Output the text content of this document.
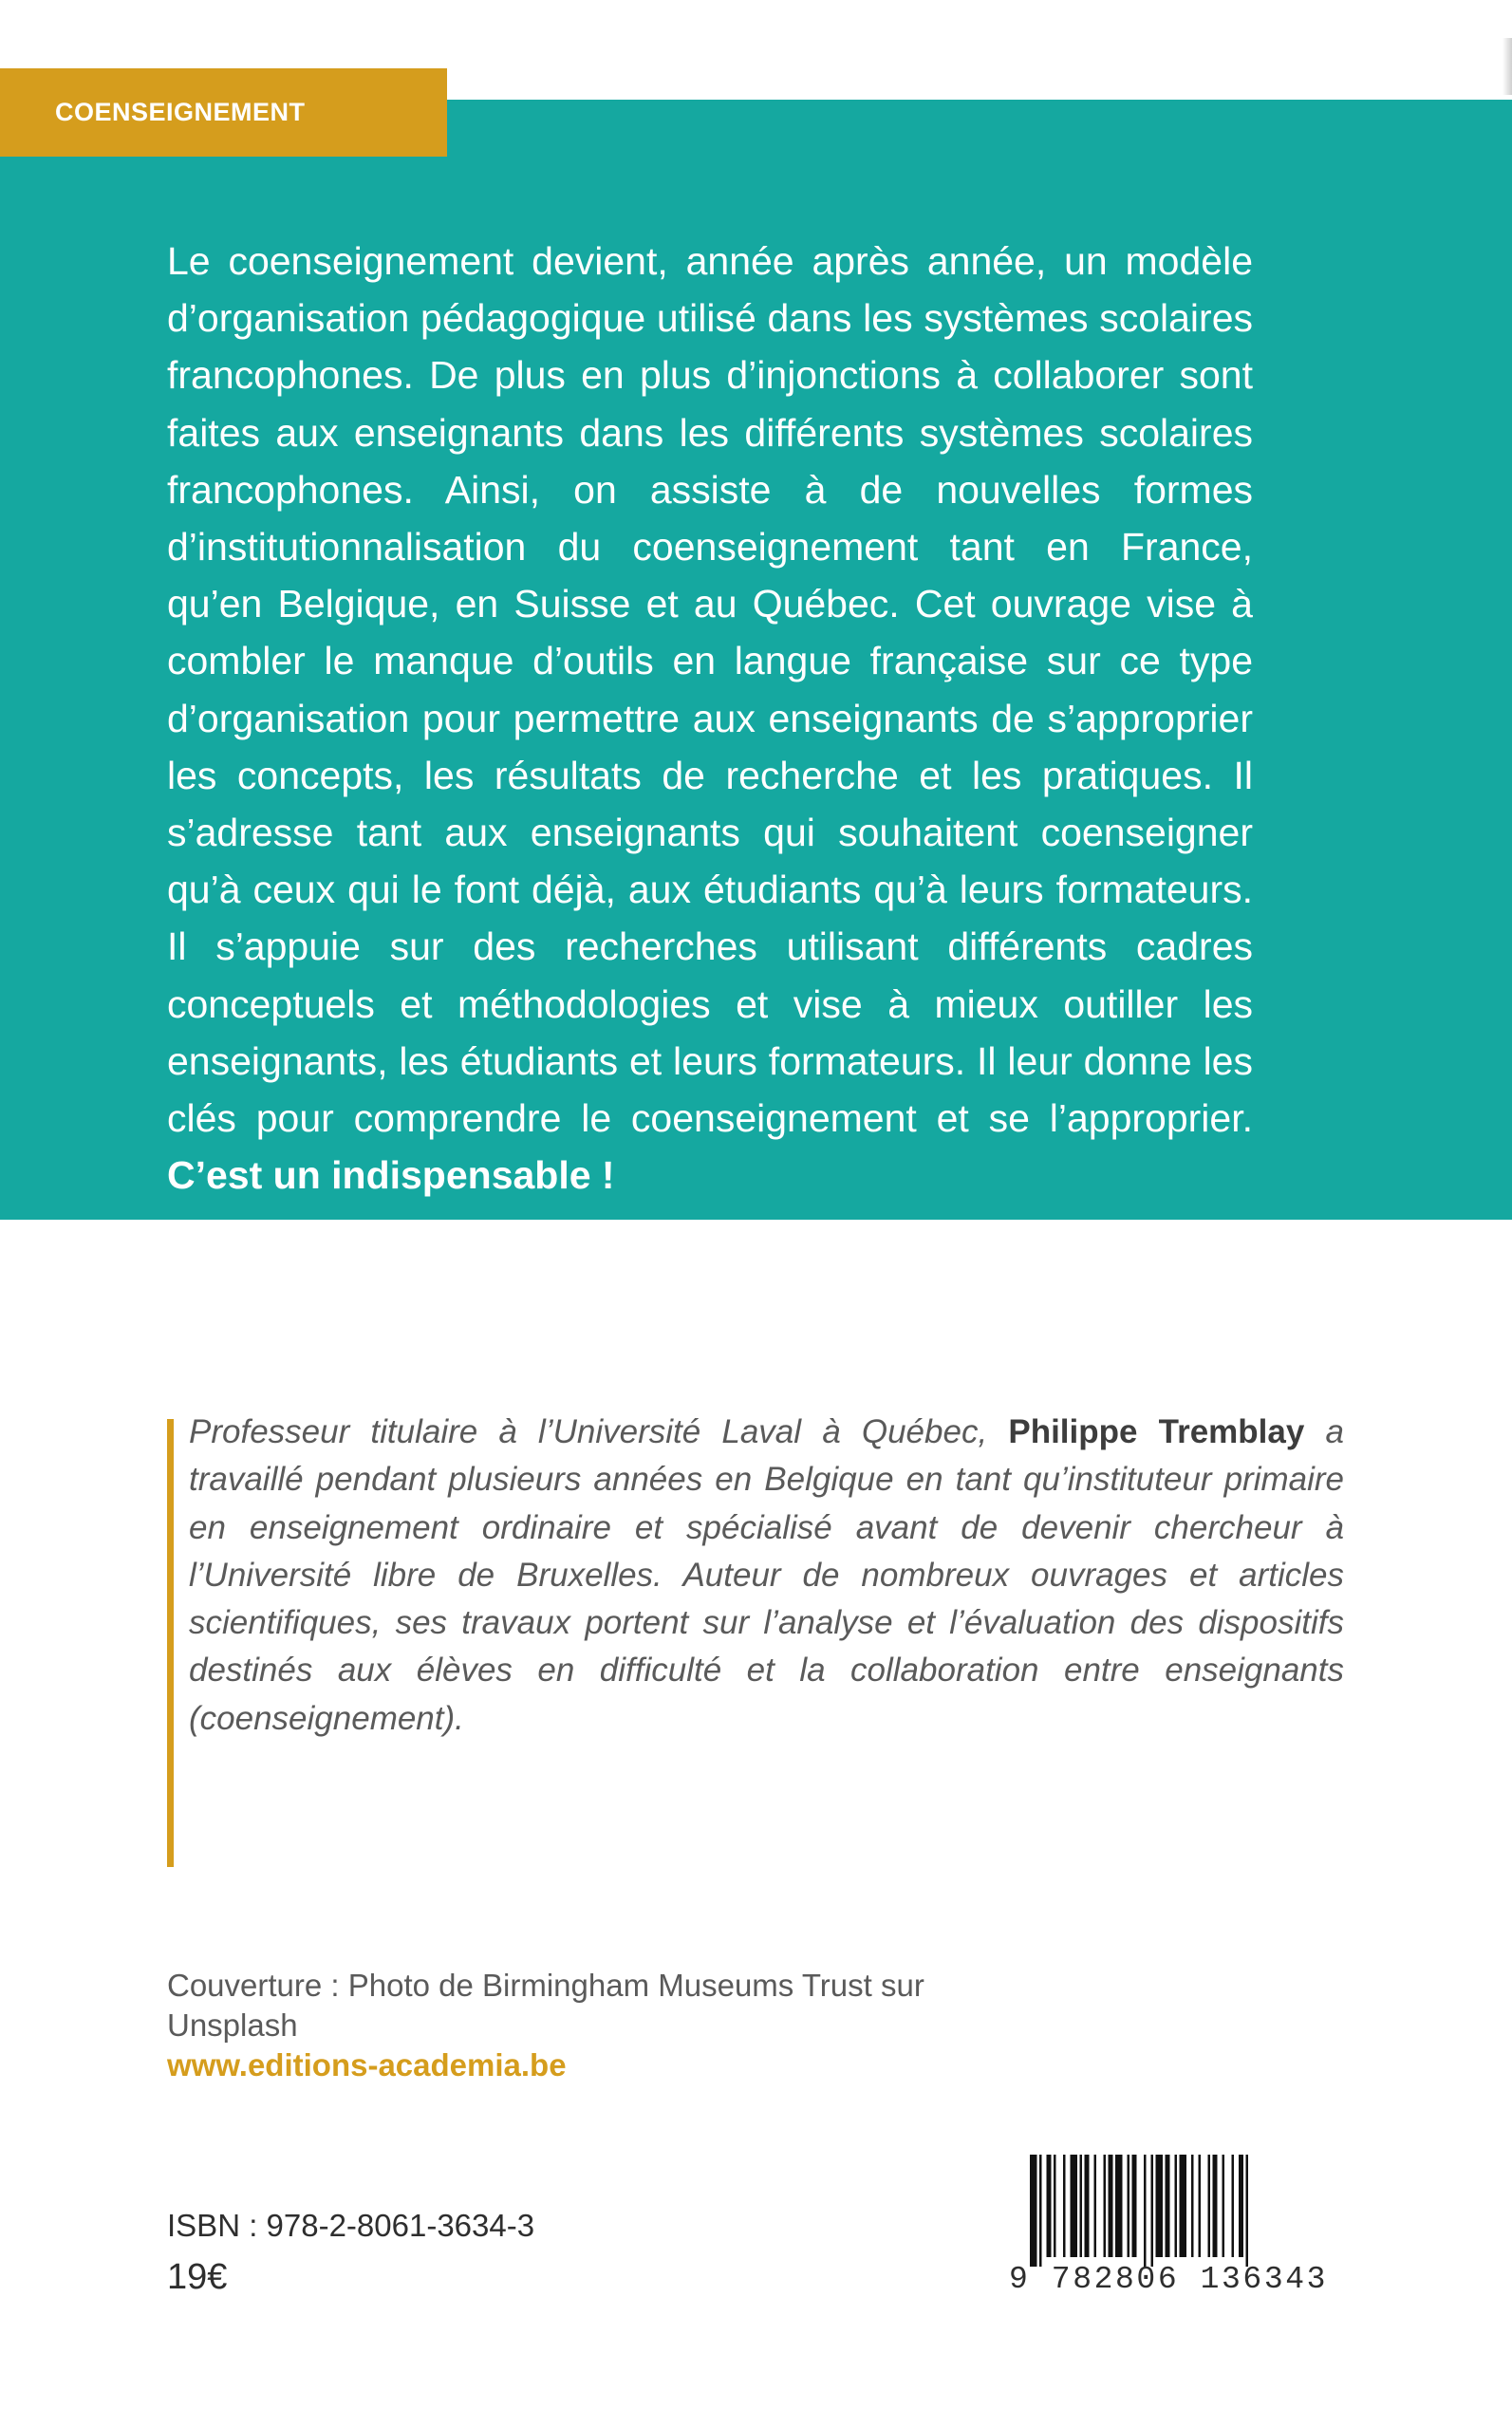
COENSEIGNEMENT

Le coenseignement devient, année après année, un modèle d’organisation pédagogique utilisé dans les systèmes scolaires francophones. De plus en plus d’injonctions à collaborer sont faites aux enseignants dans les différents systèmes scolaires francophones. Ainsi, on assiste à de nouvelles formes d’institutionnalisation du coenseignement tant en France, qu’en Belgique, en Suisse et au Québec. Cet ouvrage vise à combler le manque d’outils en langue française sur ce type d’organisation pour permettre aux enseignants de s’approprier les concepts, les résultats de recherche et les pratiques. Il s’adresse tant aux enseignants qui souhaitent coenseigner qu’à ceux qui le font déjà, aux étudiants qu’à leurs formateurs. Il s’appuie sur des recherches utilisant différents cadres conceptuels et méthodologies et vise à mieux outiller les enseignants, les étudiants et leurs formateurs. Il leur donne les clés pour comprendre le coenseignement et se l’approprier. C’est un indispensable !

Professeur titulaire à l’Université Laval à Québec, Philippe Tremblay a travaillé pendant plusieurs années en Belgique en tant qu’instituteur primaire en enseignement ordinaire et spécialisé avant de devenir chercheur à l’Université libre de Bruxelles. Auteur de nombreux ouvrages et articles scientifiques, ses travaux portent sur l’analyse et l’évaluation des dispositifs destinés aux élèves en difficulté et la collaboration entre enseignants (coenseignement).

Couverture : Photo de Birmingham Museums Trust sur Unsplash

www.editions-academia.be
ISBN : 978-2-8061-3634-3
19€	9 782806 136343
